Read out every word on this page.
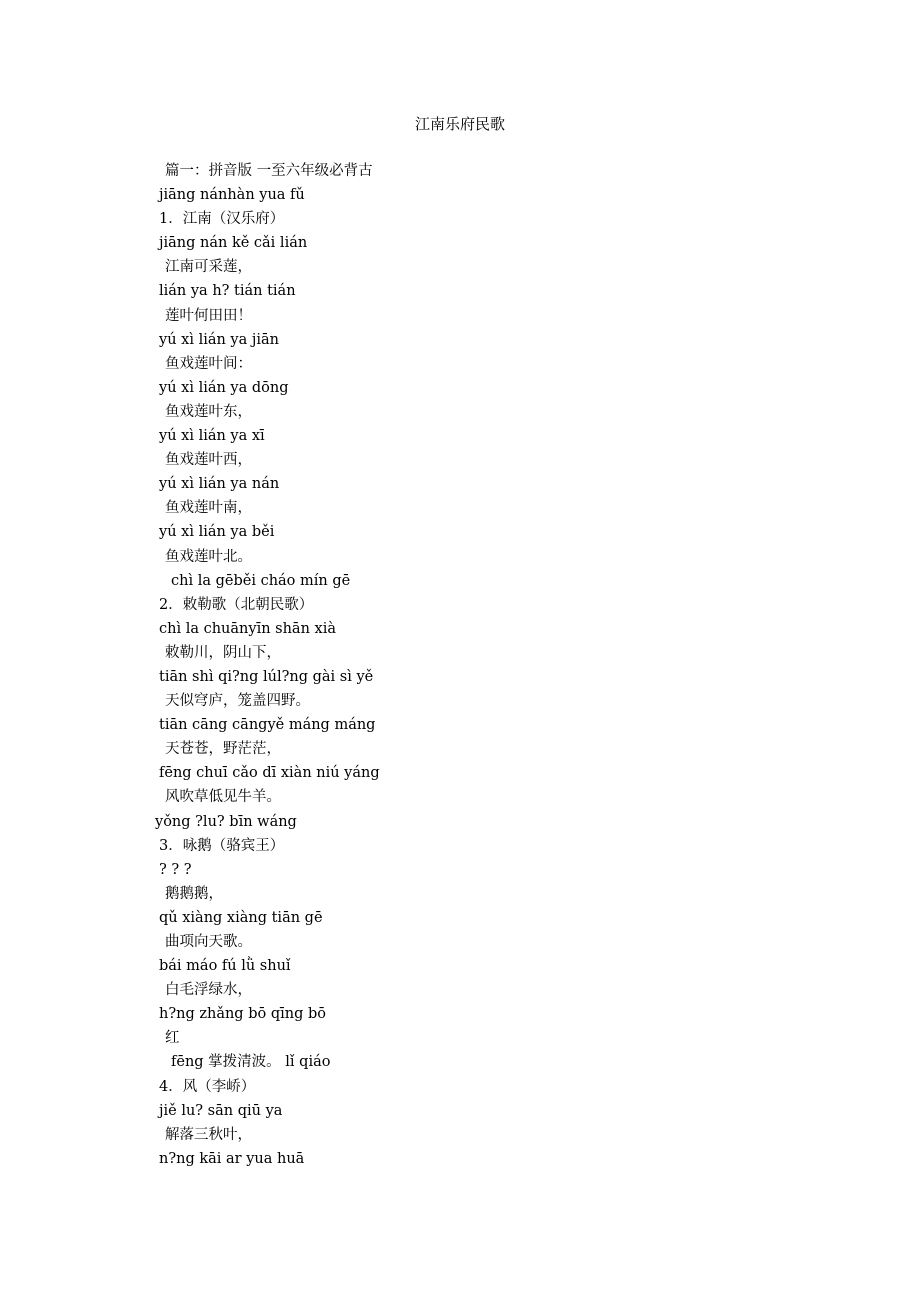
江南乐府民歌
篇一：拼音版 一至六年级必背古
jiāng nánhàn yua fǔ
1．江南（汉乐府）
jiāng nán kě cǎi lián
江南可采莲，
lián ya h? tián tián
莲叶何田田！
yú xì lián ya jiān
鱼戏莲叶间：
yú xì lián ya dōng
鱼戏莲叶东，
yú xì lián ya xī
鱼戏莲叶西，
yú xì lián ya nán
鱼戏莲叶南，
yú xì lián ya běi
鱼戏莲叶北。
chì la gēběi cháo mín gē
2．敕勒歌（北朝民歌）
chì la chuānyīn shān xià
敕勒川，阴山下，
tiān shì qi?ng lúl?ng gài sì yě
天似穹庐，笼盖四野。
tiān cāng cāngyě máng máng
天苍苍，野茫茫，
fēng chuī cǎo dī xiàn niú yáng
风吹草低见牛羊。
yǒng ?lu? bīn wáng
3．咏鹅（骆宾王）
? ? ?
鹅鹅鹅，
qǔ xiàng xiàng tiān gē
曲项向天歌。
bái máo fú lǜ shuǐ
白毛浮绿水，
h?ng zhǎng bō qīng bō
红
fēng 掌拨清波。 lǐ qiáo
4．风（李峤）
jiě lu? sān qiū ya
解落三秋叶，
n?ng kāi ar yua huā
